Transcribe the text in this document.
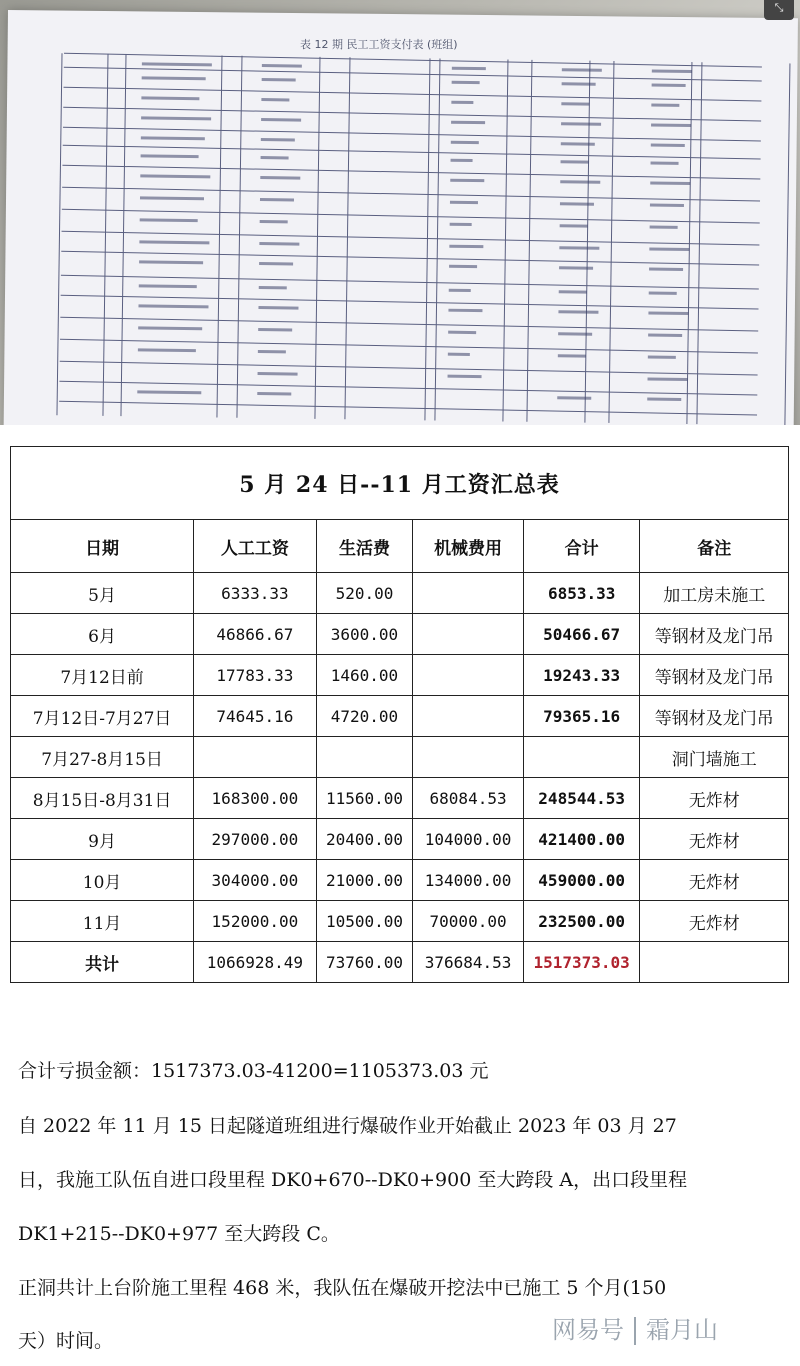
表 12 期 民工工资支付表 (班组)
⤡
5 月 24 日--11 月工资汇总表					
日期	人工工资	生活费	机械费用	合计	备注
5月	6333.33	520.00		6853.33	加工房未施工
6月	46866.67	3600.00		50466.67	等钢材及龙门吊
7月12日前	17783.33	1460.00		19243.33	等钢材及龙门吊
7月12日-7月27日	74645.16	4720.00		79365.16	等钢材及龙门吊
7月27-8月15日					洞门墙施工
8月15日-8月31日	168300.00	11560.00	68084.53	248544.53	无炸材
9月	297000.00	20400.00	104000.00	421400.00	无炸材
10月	304000.00	21000.00	134000.00	459000.00	无炸材
11月	152000.00	10500.00	70000.00	232500.00	无炸材
共计	1066928.49	73760.00	376684.53	1517373.03	
合计亏损金额：1517373.03-41200=1105373.03 元
自 2022 年 11 月 15 日起隧道班组进行爆破作业开始截止 2023 年 03 月 27
日，我施工队伍自进口段里程 DK0+670--DK0+900 至大跨段 A，出口段里程
DK1+215--DK0+977 至大跨段 C。
正洞共计上台阶施工里程 468 米，我队伍在爆破开挖法中已施工 5 个月(150
天）时间。	网易号 霜月山
